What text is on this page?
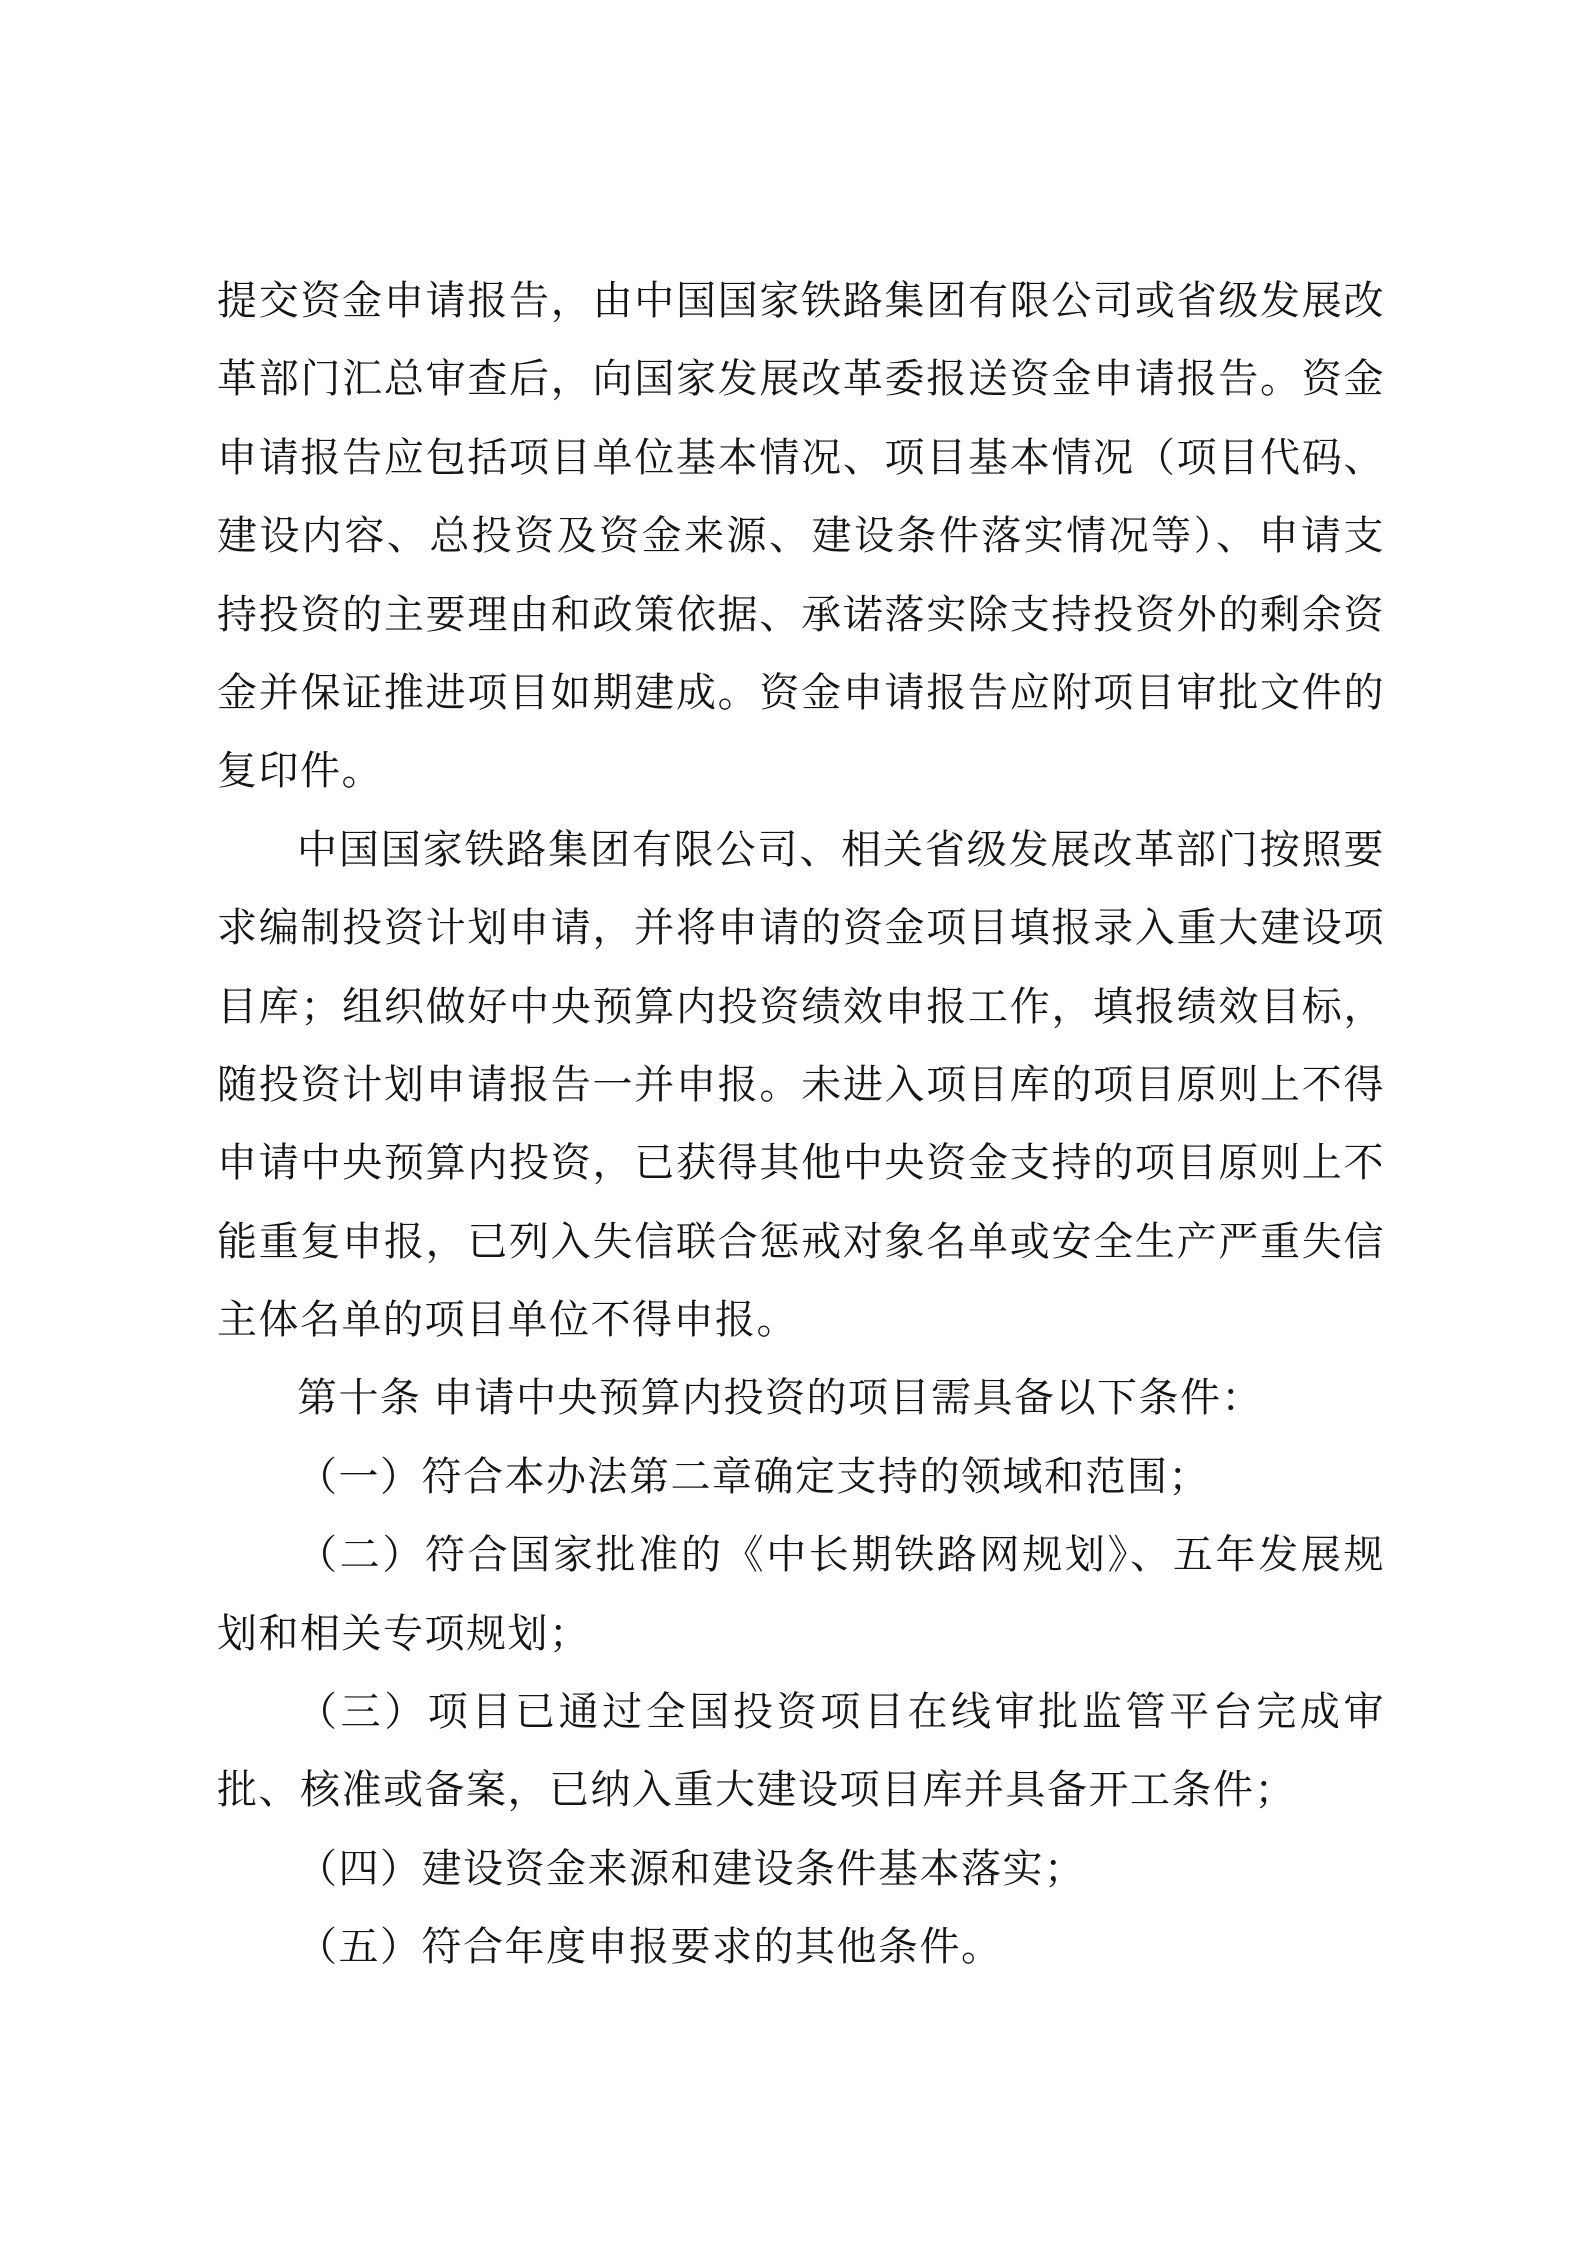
提交资金申请报告，由中国国家铁路集团有限公司或省级发展改
革部门汇总审查后，向国家发展改革委报送资金申请报告。资金
申请报告应包括项目单位基本情况、项目基本情况（项目代码、
建设内容、总投资及资金来源、建设条件落实情况等）、申请支
持投资的主要理由和政策依据、承诺落实除支持投资外的剩余资
金并保证推进项目如期建成。资金申请报告应附项目审批文件的
复印件。
中国国家铁路集团有限公司、相关省级发展改革部门按照要
求编制投资计划申请，并将申请的资金项目填报录入重大建设项
目库；组织做好中央预算内投资绩效申报工作，填报绩效目标，
随投资计划申请报告一并申报。未进入项目库的项目原则上不得
申请中央预算内投资，已获得其他中央资金支持的项目原则上不
能重复申报，已列入失信联合惩戒对象名单或安全生产严重失信
主体名单的项目单位不得申报。
第十条 申请中央预算内投资的项目需具备以下条件：
（一）符合本办法第二章确定支持的领域和范围；
（二）符合国家批准的《中长期铁路网规划》、五年发展规
划和相关专项规划；
（三）项目已通过全国投资项目在线审批监管平台完成审
批、核准或备案，已纳入重大建设项目库并具备开工条件；
（四）建设资金来源和建设条件基本落实；
（五）符合年度申报要求的其他条件。
